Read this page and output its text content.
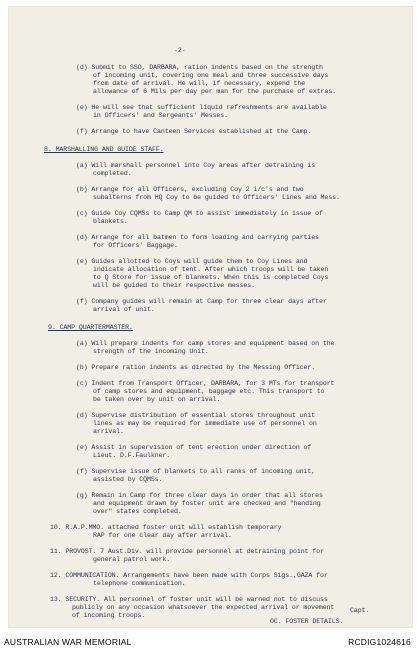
-2-
(d) Submit to SSO, DARBARA, ration indents based on the strength
of incoming unit, covering one meal and three successive days
from date of arrival. He will, if necessary, expend the
allowance of 6 Mils per day per man for the purchase of extras.
(e) He will see that sufficient liquid refreshments are available
in Officers' and Sergeants' Messes.
(f) Arrange to have Canteen Services established at the Camp.
8. MARSHALLING AND GUIDE STAFF.
(a) Will marshall personnel into Coy areas after detraining is
completed.
(b) Arrange for all Officers, excluding Coy 2 i/c's and two
subalterns from HQ Coy to be guided to Officers' Lines and Mess.
(c) Guide Coy CQMSs to Camp QM to assist immediately in issue of
blankets.
(d) Arrange for all batmen to form loading and carrying parties
for Officers' Baggage.
(e) Guides allotted to Coys will guide them to Coy Lines and
indicate allocation of tent. After which troops will be taken
to Q Store for issue of blankets. When this is completed Coys
will be guided to their respective messes.
(f) Company guides will remain at Camp for three clear days after
arrival of unit.
9. CAMP QUARTERMASTER.
(a) Will prepare indents for camp stores and equipment based on the
strength of the incoming Unit.
(b) Prepare ration indents as directed by the Messing Officer.
(c) Indent from Transport Officer, DARBARA, for 3 MTs for transport
of camp stores and equipment, baggage etc. This transport to
be taken over by unit on arrival.
(d) Supervise distribution of essential stores throughout unit
lines as may be required for immediate use of personnel on
arrival.
(e) Assist in supervision of tent erection under direction of
Lieut. D.F.Faulkner.
(f) Supervise issue of blankets to all ranks of incoming unit,
assisted by CQMSs.
(g) Remain in Camp for three clear days in order that all stores
and equipment drawn by foster unit are checked and "handing
over" states completed.
10. R.A.P.MMO. attached foster unit will establish temporary
RAP for one clear day after arrival.
11. PROVOST. 7 Aust.Div. will provide personnel at detraining point for
general patrol work.
12. COMMUNICATION. Arrangements have been made with Corps Sigs.,GAZA for
telephone communication.
13. SECURITY. All personnel of foster unit will be warned not to discuss
publicly on any occasion whatsoever the expected arrival or movement
of incoming troops.
Capt.
OC. FOSTER DETAILS.
AUSTRALIAN WAR MEMORIAL	RCDIG1024616
